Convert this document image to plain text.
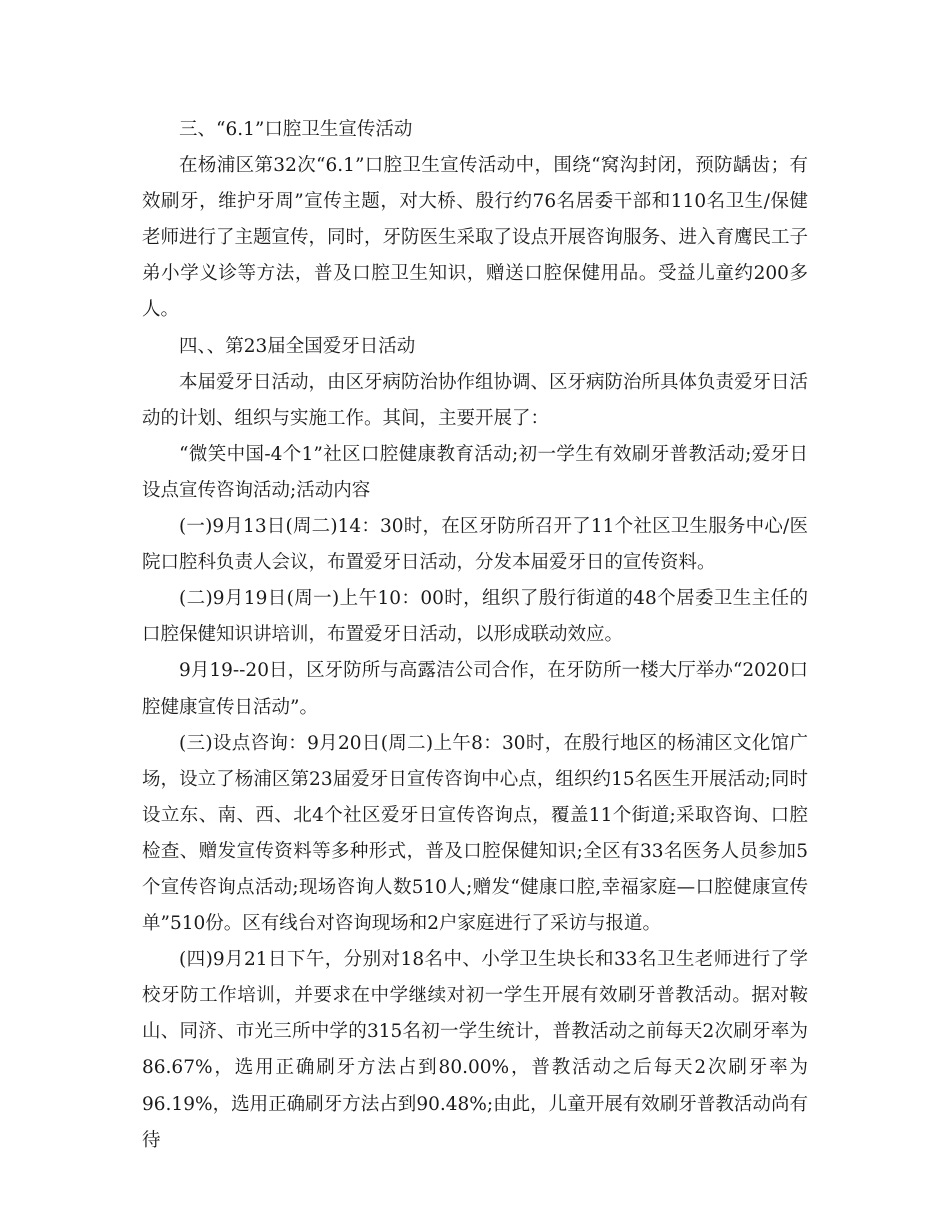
三、“6.1”口腔卫生宣传活动

在杨浦区第32次“6.1”口腔卫生宣传活动中，围绕“窝沟封闭，预防龋齿；有效刷牙，维护牙周”宣传主题，对大桥、殷行约76名居委干部和110名卫生/保健老师进行了主题宣传，同时，牙防医生采取了设点开展咨询服务、进入育鹰民工子弟小学义诊等方法，普及口腔卫生知识，赠送口腔保健用品。受益儿童约200多人。

四、、第23届全国爱牙日活动

本届爱牙日活动，由区牙病防治协作组协调、区牙病防治所具体负责爱牙日活动的计划、组织与实施工作。其间，主要开展了：

“微笑中国-4个1”社区口腔健康教育活动;初一学生有效刷牙普教活动;爱牙日设点宣传咨询活动;活动内容

(一)9月13日(周二)14：30时，在区牙防所召开了11个社区卫生服务中心/医院口腔科负责人会议，布置爱牙日活动，分发本届爱牙日的宣传资料。

(二)9月19日(周一)上午10：00时，组织了殷行街道的48个居委卫生主任的口腔保健知识讲培训，布置爱牙日活动，以形成联动效应。

9月19--20日，区牙防所与高露洁公司合作，在牙防所一楼大厅举办“2020口腔健康宣传日活动”。

(三)设点咨询：9月20日(周二)上午8：30时，在殷行地区的杨浦区文化馆广场，设立了杨浦区第23届爱牙日宣传咨询中心点，组织约15名医生开展活动;同时设立东、南、西、北4个社区爱牙日宣传咨询点，覆盖11个街道;采取咨询、口腔检查、赠发宣传资料等多种形式，普及口腔保健知识;全区有33名医务人员参加5个宣传咨询点活动;现场咨询人数510人;赠发“健康口腔,幸福家庭—口腔健康宣传单”510份。区有线台对咨询现场和2户家庭进行了采访与报道。

(四)9月21日下午，分别对18名中、小学卫生块长和33名卫生老师进行了学校牙防工作培训，并要求在中学继续对初一学生开展有效刷牙普教活动。据对鞍山、同济、市光三所中学的315名初一学生统计，普教活动之前每天2次刷牙率为86.67%，选用正确刷牙方法占到80.00%，普教活动之后每天2次刷牙率为96.19%，选用正确刷牙方法占到90.48%;由此，儿童开展有效刷牙普教活动尚有待
